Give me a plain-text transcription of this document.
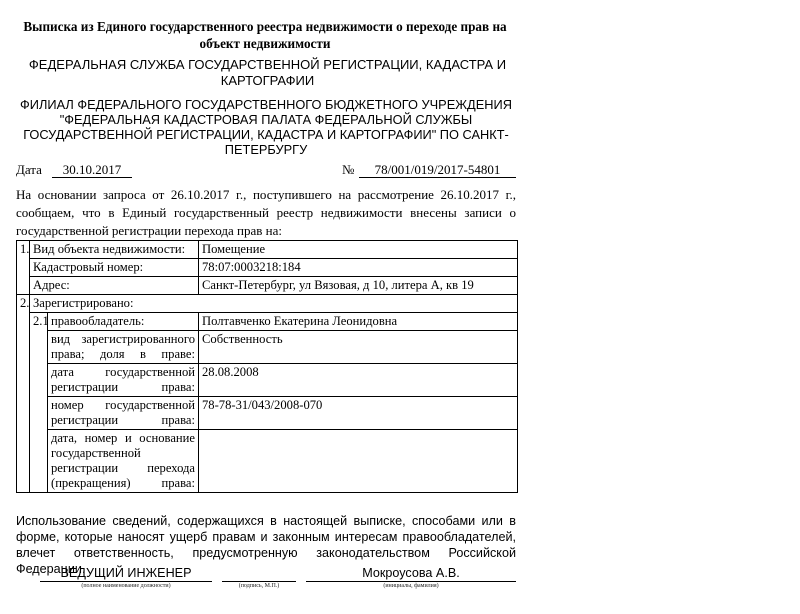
Выписка из Единого государственного реестра недвижимости о переходе прав на объект недвижимости
ФЕДЕРАЛЬНАЯ СЛУЖБА ГОСУДАРСТВЕННОЙ РЕГИСТРАЦИИ, КАДАСТРА И КАРТОГРАФИИ
ФИЛИАЛ ФЕДЕРАЛЬНОГО ГОСУДАРСТВЕННОГО БЮДЖЕТНОГО УЧРЕЖДЕНИЯ "ФЕДЕРАЛЬНАЯ КАДАСТРОВАЯ ПАЛАТА ФЕДЕРАЛЬНОЙ СЛУЖБЫ ГОСУДАРСТВЕННОЙ РЕГИСТРАЦИИ, КАДАСТРА И КАРТОГРАФИИ" ПО САНКТ-ПЕТЕРБУРГУ
Дата	30.10.2017	№	78/001/019/2017-54801
На основании запроса от 26.10.2017 г., поступившего на рассмотрение 26.10.2017 г., сообщаем, что в Единый государственный реестр недвижимости внесены записи о государственной регистрации перехода прав на:
1.	Вид объекта недвижимости:		Помещение
	Кадастровый номер:		78:07:0003218:184
	Адрес:		Санкт-Петербург, ул Вязовая, д 10, литера А, кв 19
2.	Зарегистрировано:		
	2.1	правообладатель:	Полтавченко Екатерина Леонидовна
		вид зарегистрированного права; доля в праве:	Собственность
		дата государственной регистрации права:	28.08.2008
		номер государственной регистрации права:	78-78-31/043/2008-070
		дата, номер и основание государственной регистрации перехода (прекращения) права:	
Использование сведений, содержащихся в настоящей выписке, способами или в форме, которые наносят ущерб правам и законным интересам правообладателей, влечет ответственность, предусмотренную законодательством Российской Федерации.
ВЕДУЩИЙ ИНЖЕНЕР
(полное наименование должности)	(подпись, М.П.)
Мокроусова А.В.
(инициалы, фамилия)
